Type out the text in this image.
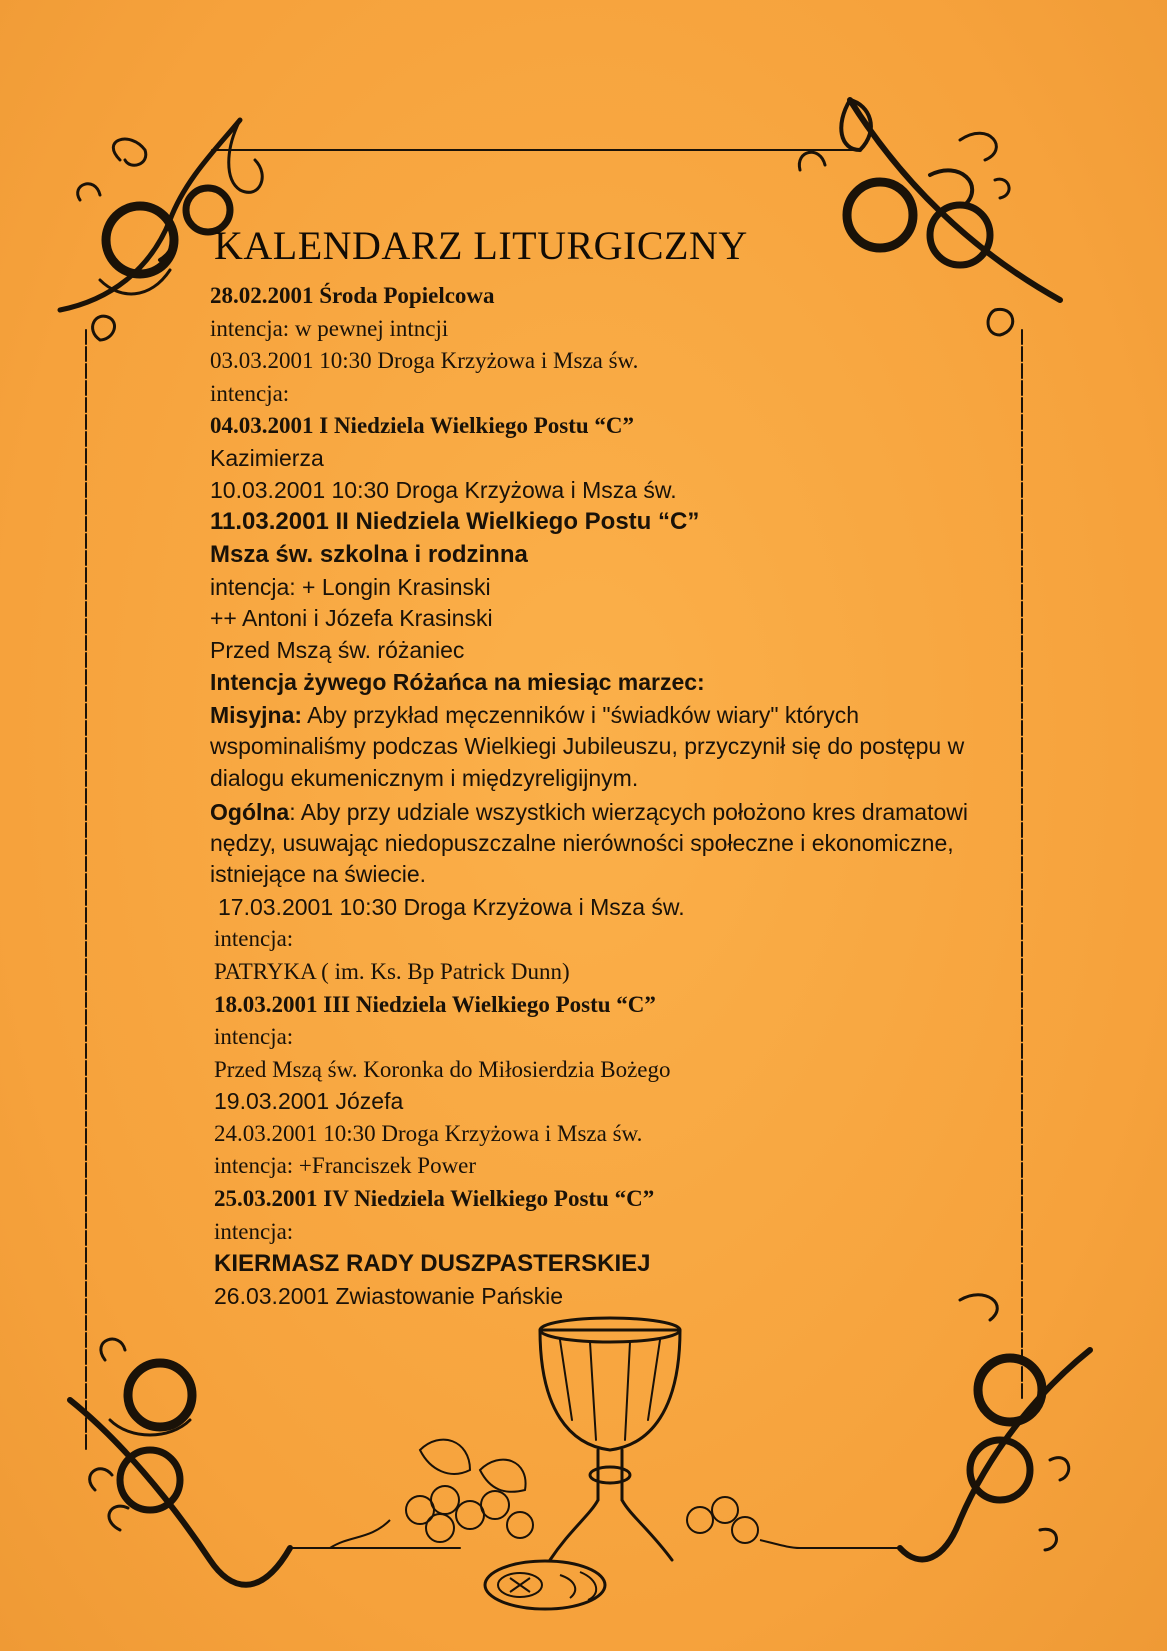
KALENDARZ LITURGICZNY
28.02.2001 Środa Popielcowa
intencja: w pewnej intncji
03.03.2001 10:30 Droga Krzyżowa i Msza św.
intencja:
04.03.2001 I Niedziela Wielkiego Postu “C”
Kazimierza
10.03.2001 10:30 Droga Krzyżowa i Msza św.
11.03.2001 II Niedziela Wielkiego Postu “C”
Msza św. szkolna i rodzinna
intencja: + Longin Krasinski
++ Antoni i Józefa Krasinski
Przed Mszą św. różaniec
Intencja żywego Różańca na miesiąc marzec:
Misyjna: Aby przykład męczenników i "świadków wiary" których wspominaliśmy podczas Wielkiegi Jubileuszu, przyczynił się do postępu w dialogu ekumenicznym i międzyreligijnym.
Ogólna: Aby przy udziale wszystkich wierzących położono kres dramatowi nędzy, usuwając niedopuszczalne nierówności społeczne i ekonomiczne, istniejące na świecie.
17.03.2001 10:30 Droga Krzyżowa i Msza św.
intencja:
PATRYKA ( im. Ks. Bp Patrick Dunn)
18.03.2001 III Niedziela Wielkiego Postu “C”
intencja:
Przed Mszą św. Koronka do Miłosierdzia Bożego
19.03.2001 Józefa
24.03.2001 10:30 Droga Krzyżowa i Msza św.
intencja: +Franciszek Power
25.03.2001 IV Niedziela Wielkiego Postu “C”
intencja:
KIERMASZ RADY DUSZPASTERSKIEJ
26.03.2001 Zwiastowanie Pańskie
